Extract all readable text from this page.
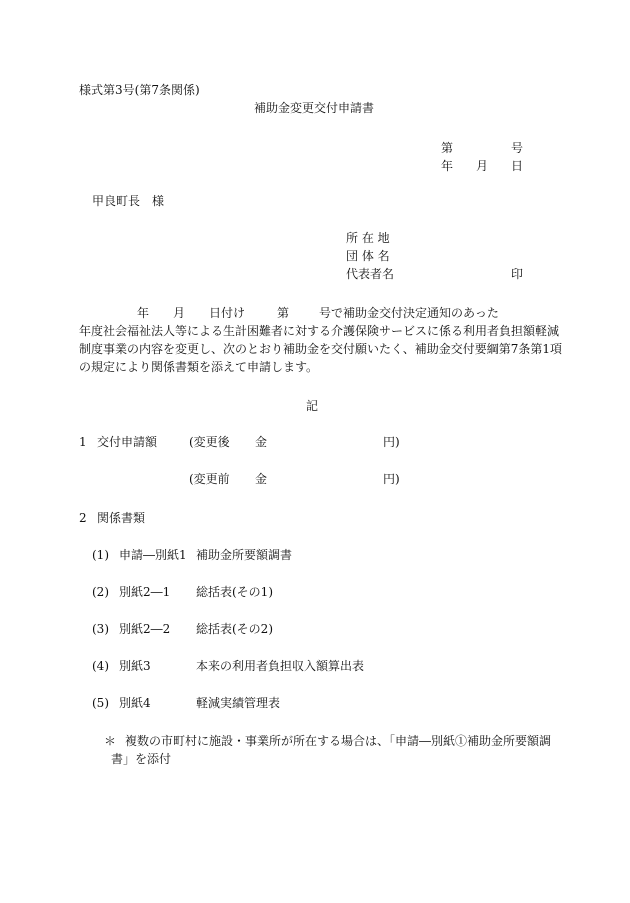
様式第3号(第7条関係)
補助金変更交付申請書
第	号
年 月 日
甲良町長　様
所 在 地
団 体 名
代表者名	印
年 月 日付け	第 号で補助金交付決定通知のあった
年度社会福祉法人等による生計困難者に対する介護保険サービスに係る利用者負担額軽減
制度事業の内容を変更し、次のとおり補助金を交付願いたく、補助金交付要綱第7条第1項
の規定により関係書類を添えて申請します。
記
1 交付申請額	(変更後 金	円)
(変更前 金	円)
2 関係書類
(1) 申請―別紙1 補助金所要額調書
(2) 別紙2―1 総括表(その1)
(3) 別紙2―2 総括表(その2)
(4) 別紙3	本来の利用者負担収入額算出表
(5) 別紙4	軽減実績管理表
＊ 複数の市町村に施設・事業所が所在する場合は、「申請―別紙①補助金所要額調
書」を添付
